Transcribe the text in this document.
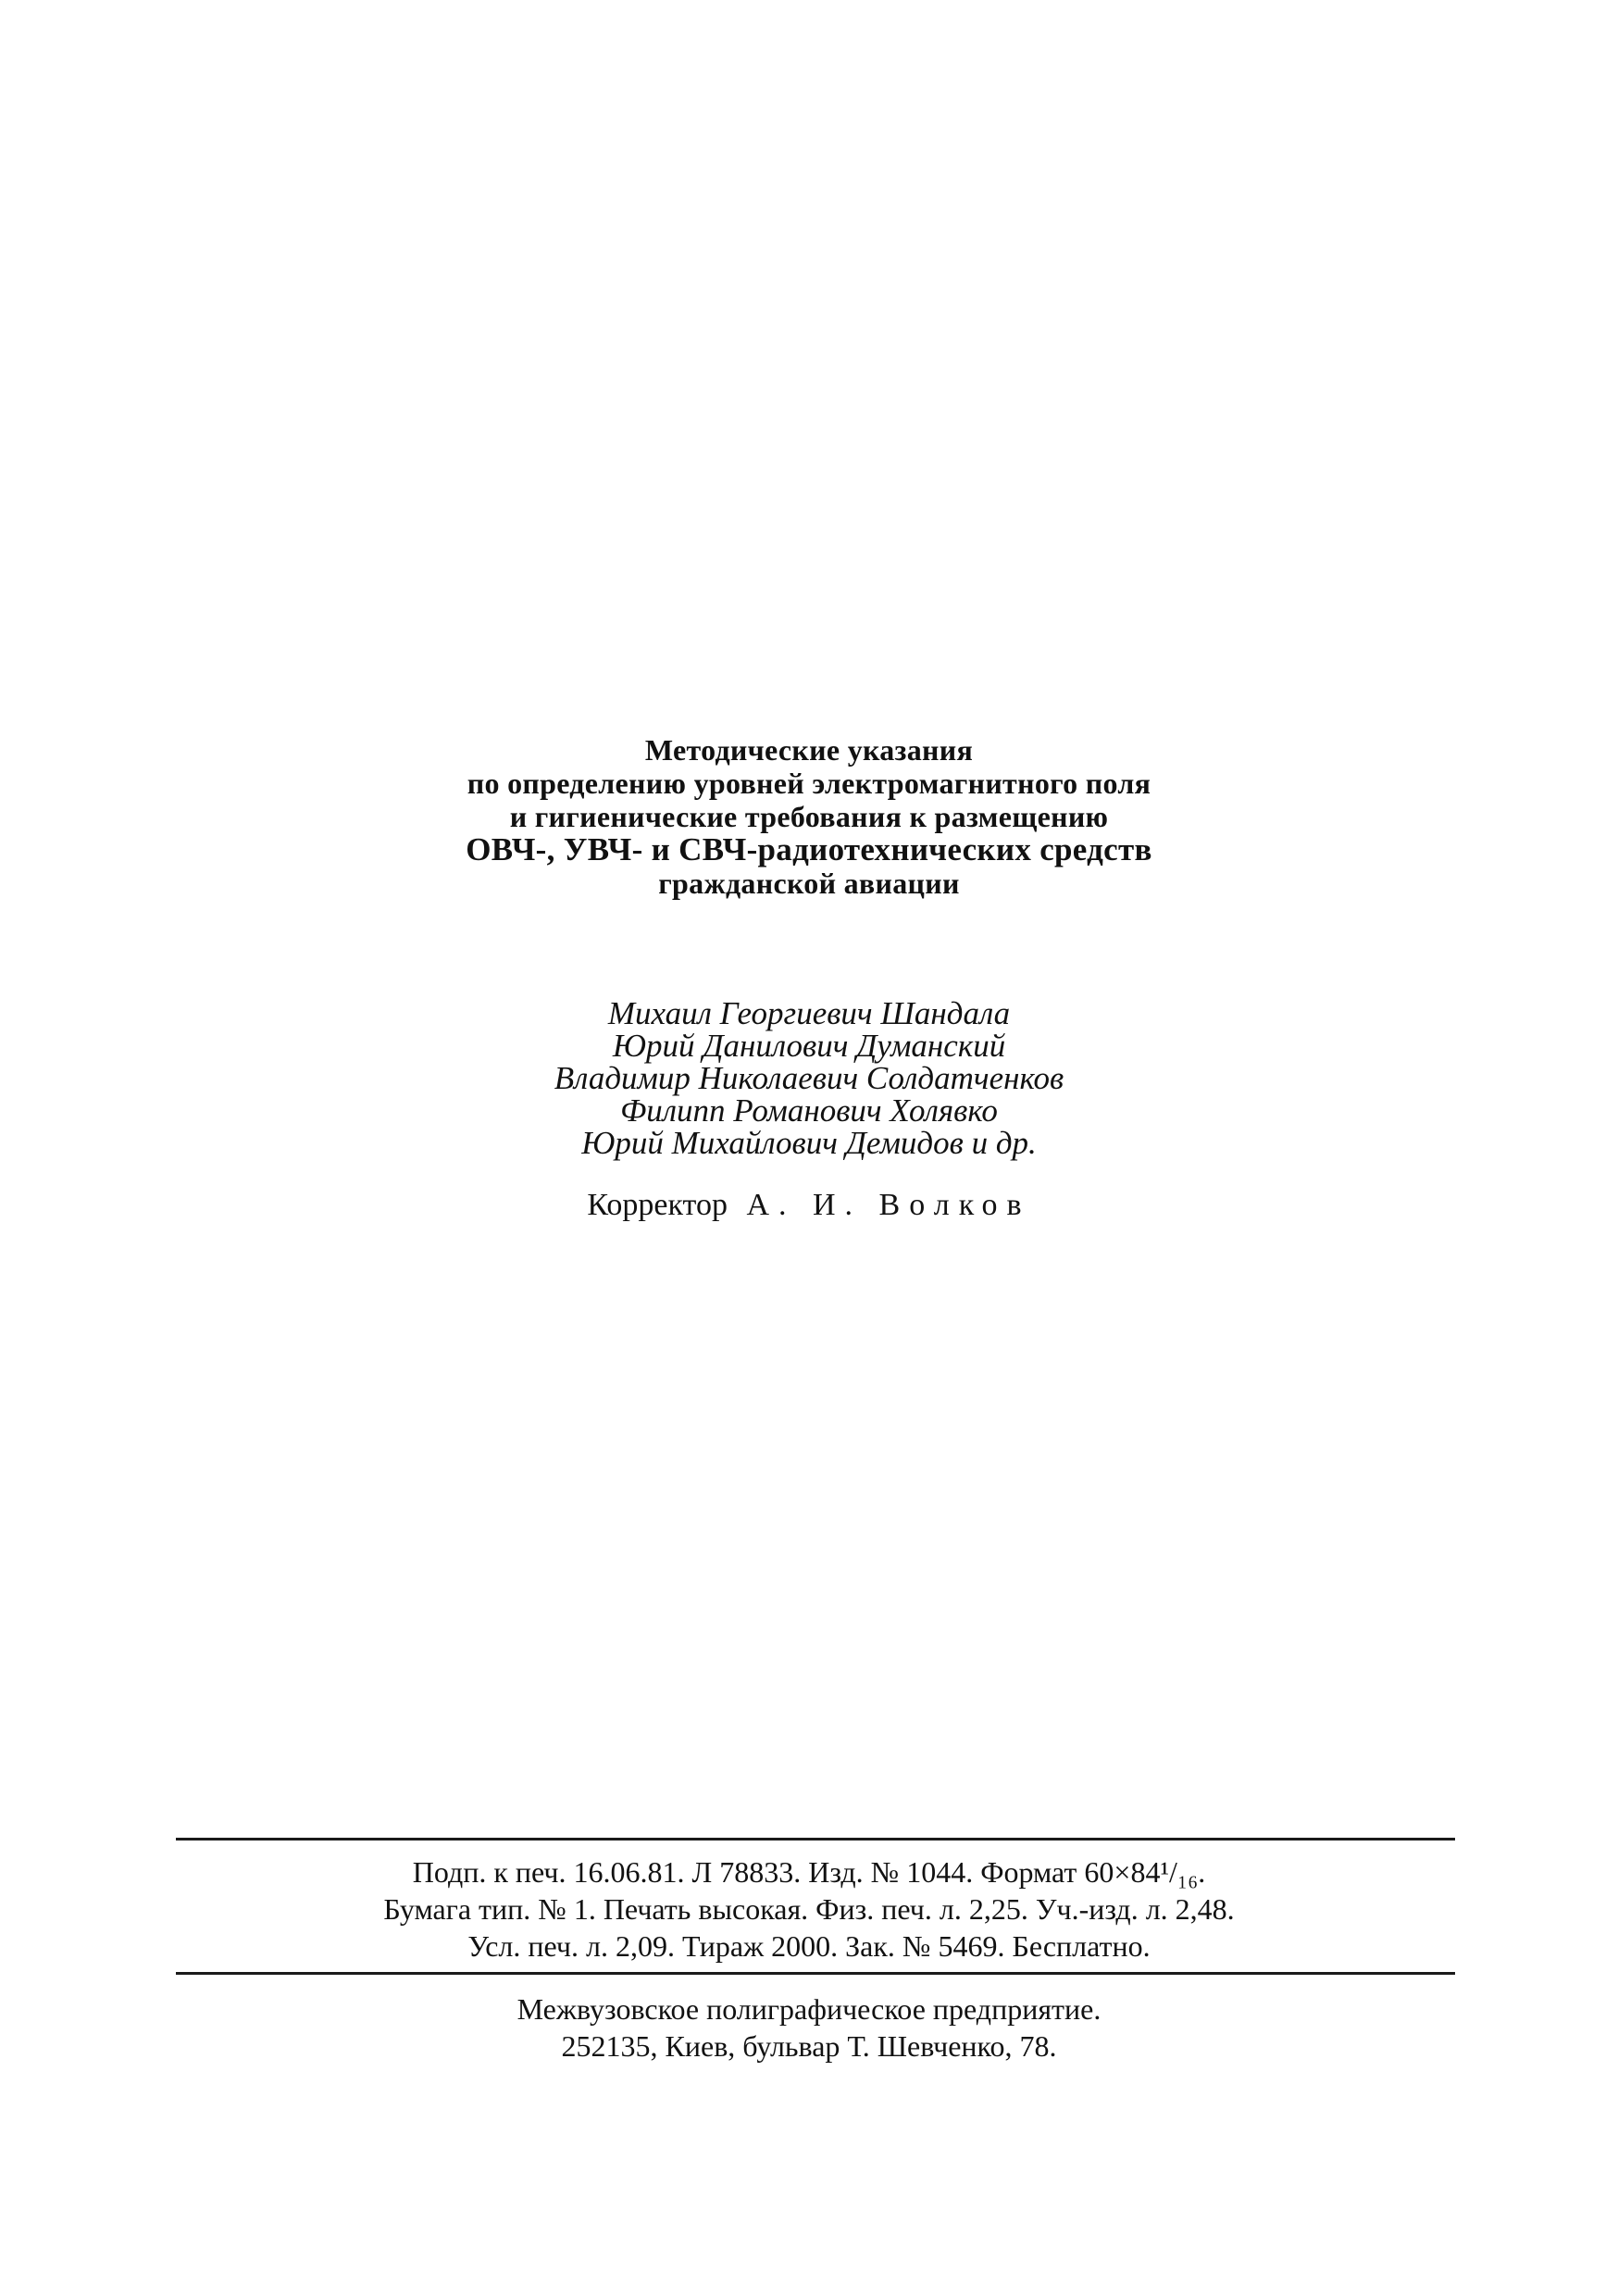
Методические указания
по определению уровней электромагнитного поля
и гигиенические требования к размещению
ОВЧ-, УВЧ- и СВЧ-радиотехнических средств
гражданской авиации
Михаил Георгиевич Шандала
Юрий Данилович Думанский
Владимир Николаевич Солдатченков
Филипп Романович Холявко
Юрий Михайлович Демидов и др.
Корректор А. И. Волков
Подп. к печ. 16.06.81. Л 78833. Изд. № 1044. Формат 60×84¹/₁₆.
Бумага тип. № 1. Печать высокая. Физ. печ. л. 2,25. Уч.-изд. л. 2,48.
Усл. печ. л. 2,09. Тираж 2000. Зак. № 5469. Бесплатно.
Межвузовское полиграфическое предприятие.
252135, Киев, бульвар Т. Шевченко, 78.
